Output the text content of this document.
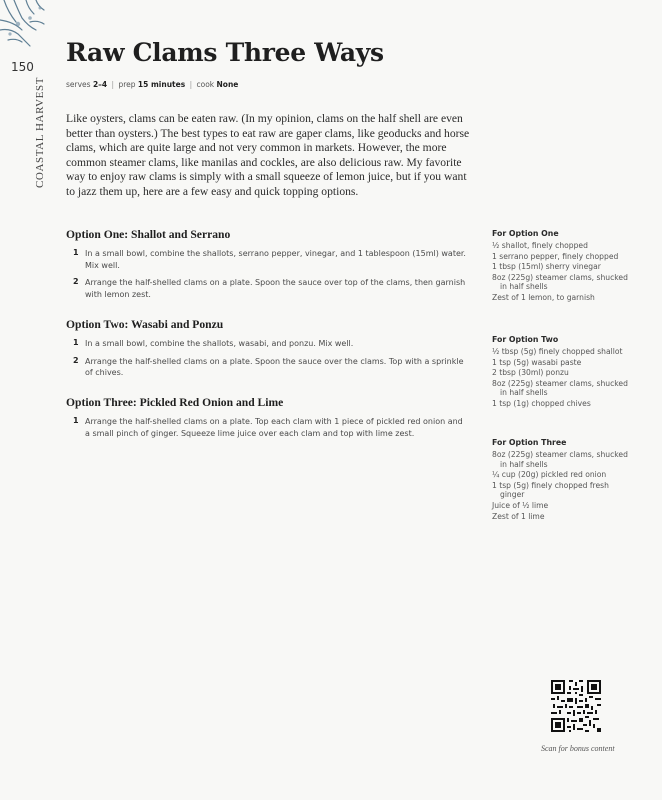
150
COASTAL HARVEST
Raw Clams Three Ways
serves 2–4 | prep 15 minutes | cook None

Like oysters, clams can be eaten raw. (In my opinion, clams on the half shell are even better than oysters.) The best types to eat raw are gaper clams, like geoducks and horse clams, which are quite large and not very common in markets. However, the more common steamer clams, like manilas and cockles, are also delicious raw. My favorite way to enjoy raw clams is simply with a small squeeze of lemon juice, but if you want to jazz them up, here are a few easy and quick topping options.

Option One: Shallot and Serrano
1 In a small bowl, combine the shallots, serrano pepper, vinegar, and 1 tablespoon (15ml) water. Mix well.
2 Arrange the half-shelled clams on a plate. Spoon the sauce over top of the clams, then garnish with lemon zest.
Option Two: Wasabi and Ponzu
1 In a small bowl, combine the shallots, wasabi, and ponzu. Mix well.
2 Arrange the half-shelled clams on a plate. Spoon the sauce over the clams. Top with a sprinkle of chives.
Option Three: Pickled Red Onion and Lime
1 Arrange the half-shelled clams on a plate. Top each clam with 1 piece of pickled red onion and a small pinch of ginger. Squeeze lime juice over each clam and top with lime zest.
For Option One
½ shallot, finely chopped
1 serrano pepper, finely chopped
1 tbsp (15ml) sherry vinegar
8oz (225g) steamer clams, shucked in half shells
Zest of 1 lemon, to garnish
For Option Two
½ tbsp (5g) finely chopped shallot
1 tsp (5g) wasabi paste
2 tbsp (30ml) ponzu
8oz (225g) steamer clams, shucked in half shells
1 tsp (1g) chopped chives
For Option Three
8oz (225g) steamer clams, shucked in half shells
¼ cup (20g) pickled red onion
1 tsp (5g) finely chopped fresh ginger
Juice of ½ lime
Zest of 1 lime
Scan for bonus content
